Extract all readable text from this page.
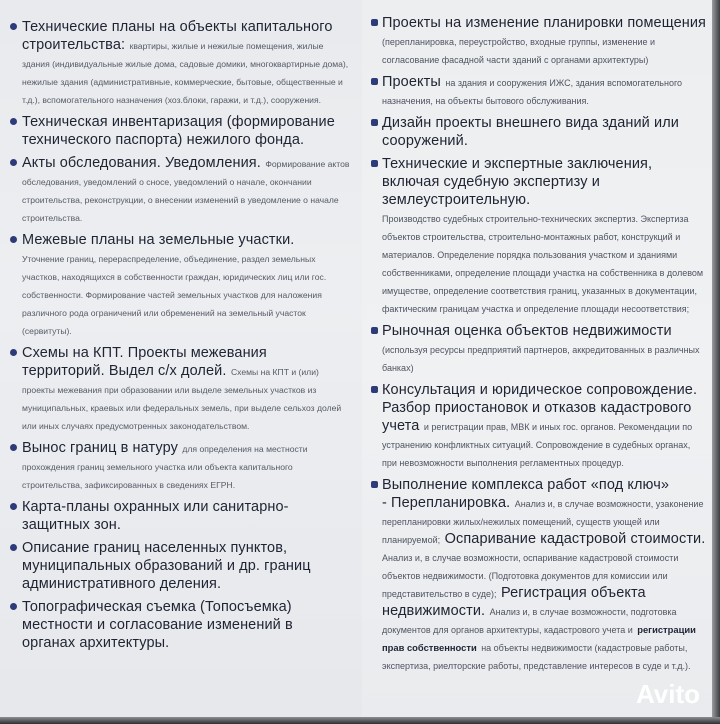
Технические планы на объекты капитального строительства: квартиры, жилые и нежилые помещения, жилые здания (индивидуальные жилые дома, садовые домики, многоквартирные дома), нежилые здания (административные, коммерческие, бытовые, общественные и т.д.), вспомогательного назначения (хоз.блоки, гаражи, и т.д.), сооружения.
Техническая инвентаризация (формирование технического паспорта) нежилого фонда.
Акты обследования. Уведомления. Формирование актов обследования, уведомлений о сносе, уведомлений о начале, окончании строительства, реконструкции, о внесении изменений в уведомление о начале строительства.
Межевые планы на земельные участки.
Уточнение границ, перераспределение, объединение, раздел земельных участков, находящихся в собственности граждан, юридических лиц или гос. собственности. Формирование частей земельных участков для наложения различного рода ограничений или обременений на земельный участок (сервитуты).
Схемы на КПТ. Проекты межевания территорий. Выдел с/х долей. Схемы на КПТ и (или) проекты межевания при образовании или выделе земельных участков из муниципальных, краевых или федеральных земель, при выделе сельхоз долей или иных случаях предусмотренных законодательством.
Вынос границ в натуру для определения на местности прохождения границ земельного участка или объекта капитального строительства, зафиксированных в сведениях ЕГРН.
Карта-планы охранных или санитарно-защитных зон.
Описание границ населенных пунктов, муниципальных образований и др. границ административного деления.
Топографическая съемка (Топосъемка) местности и согласование изменений в органах архитектуры.
Проекты на изменение планировки помещения
(перепланировка, переустройство, входные группы, изменение и согласование фасадной части зданий с органами архитектуры)
Проекты на здания и сооружения ИЖС, здания вспомогательного назначения, на объекты бытового обслуживания.
Дизайн проекты внешнего вида зданий или сооружений.
Технические и экспертные заключения, включая судебную экспертизу и землеустроительную.
Производство судебных строительно-технических экспертиз. Экспертиза объектов строительства, строительно-монтажных работ, конструкций и материалов. Определение порядка пользования участком и зданиями собственниками, определение площади участка на собственника в долевом имуществе, определение соответствия границ, указанных в документации, фактическим границам участка и определение площади несоответствия;
Рыночная оценка объектов недвижимости
(используя ресурсы предприятий партнеров, аккредитованных в различных банках)
Консультация и юридическое сопровождение. Разбор приостановок и отказов кадастрового учета и регистрации прав, МВК и иных гос. органов. Рекомендации по устранению конфликтных ситуаций. Сопровождение в судебных органах, при невозможности выполнения регламентных процедур.
Выполнение комплекса работ «под ключ»
- Перепланировка. Анализ и, в случае возможности, узаконение перепланировки жилых/нежилых помещений, существ ующей или планируемой; Оспаривание кадастровой стоимости. Анализ и, в случае возможности, оспаривание кадастровой стоимости объектов недвижимости. (Подготовка документов для комиссии или представительство в суде); Регистрация объекта недвижимости. Анализ и, в случае возможности, подготовка документов для органов архитектуры, кадастрового учета и регистрации прав собственности на объекты недвижимости (кадастровые работы, экспертиза, риелторские работы, представление интересов в суде и т.д.).
Avito
